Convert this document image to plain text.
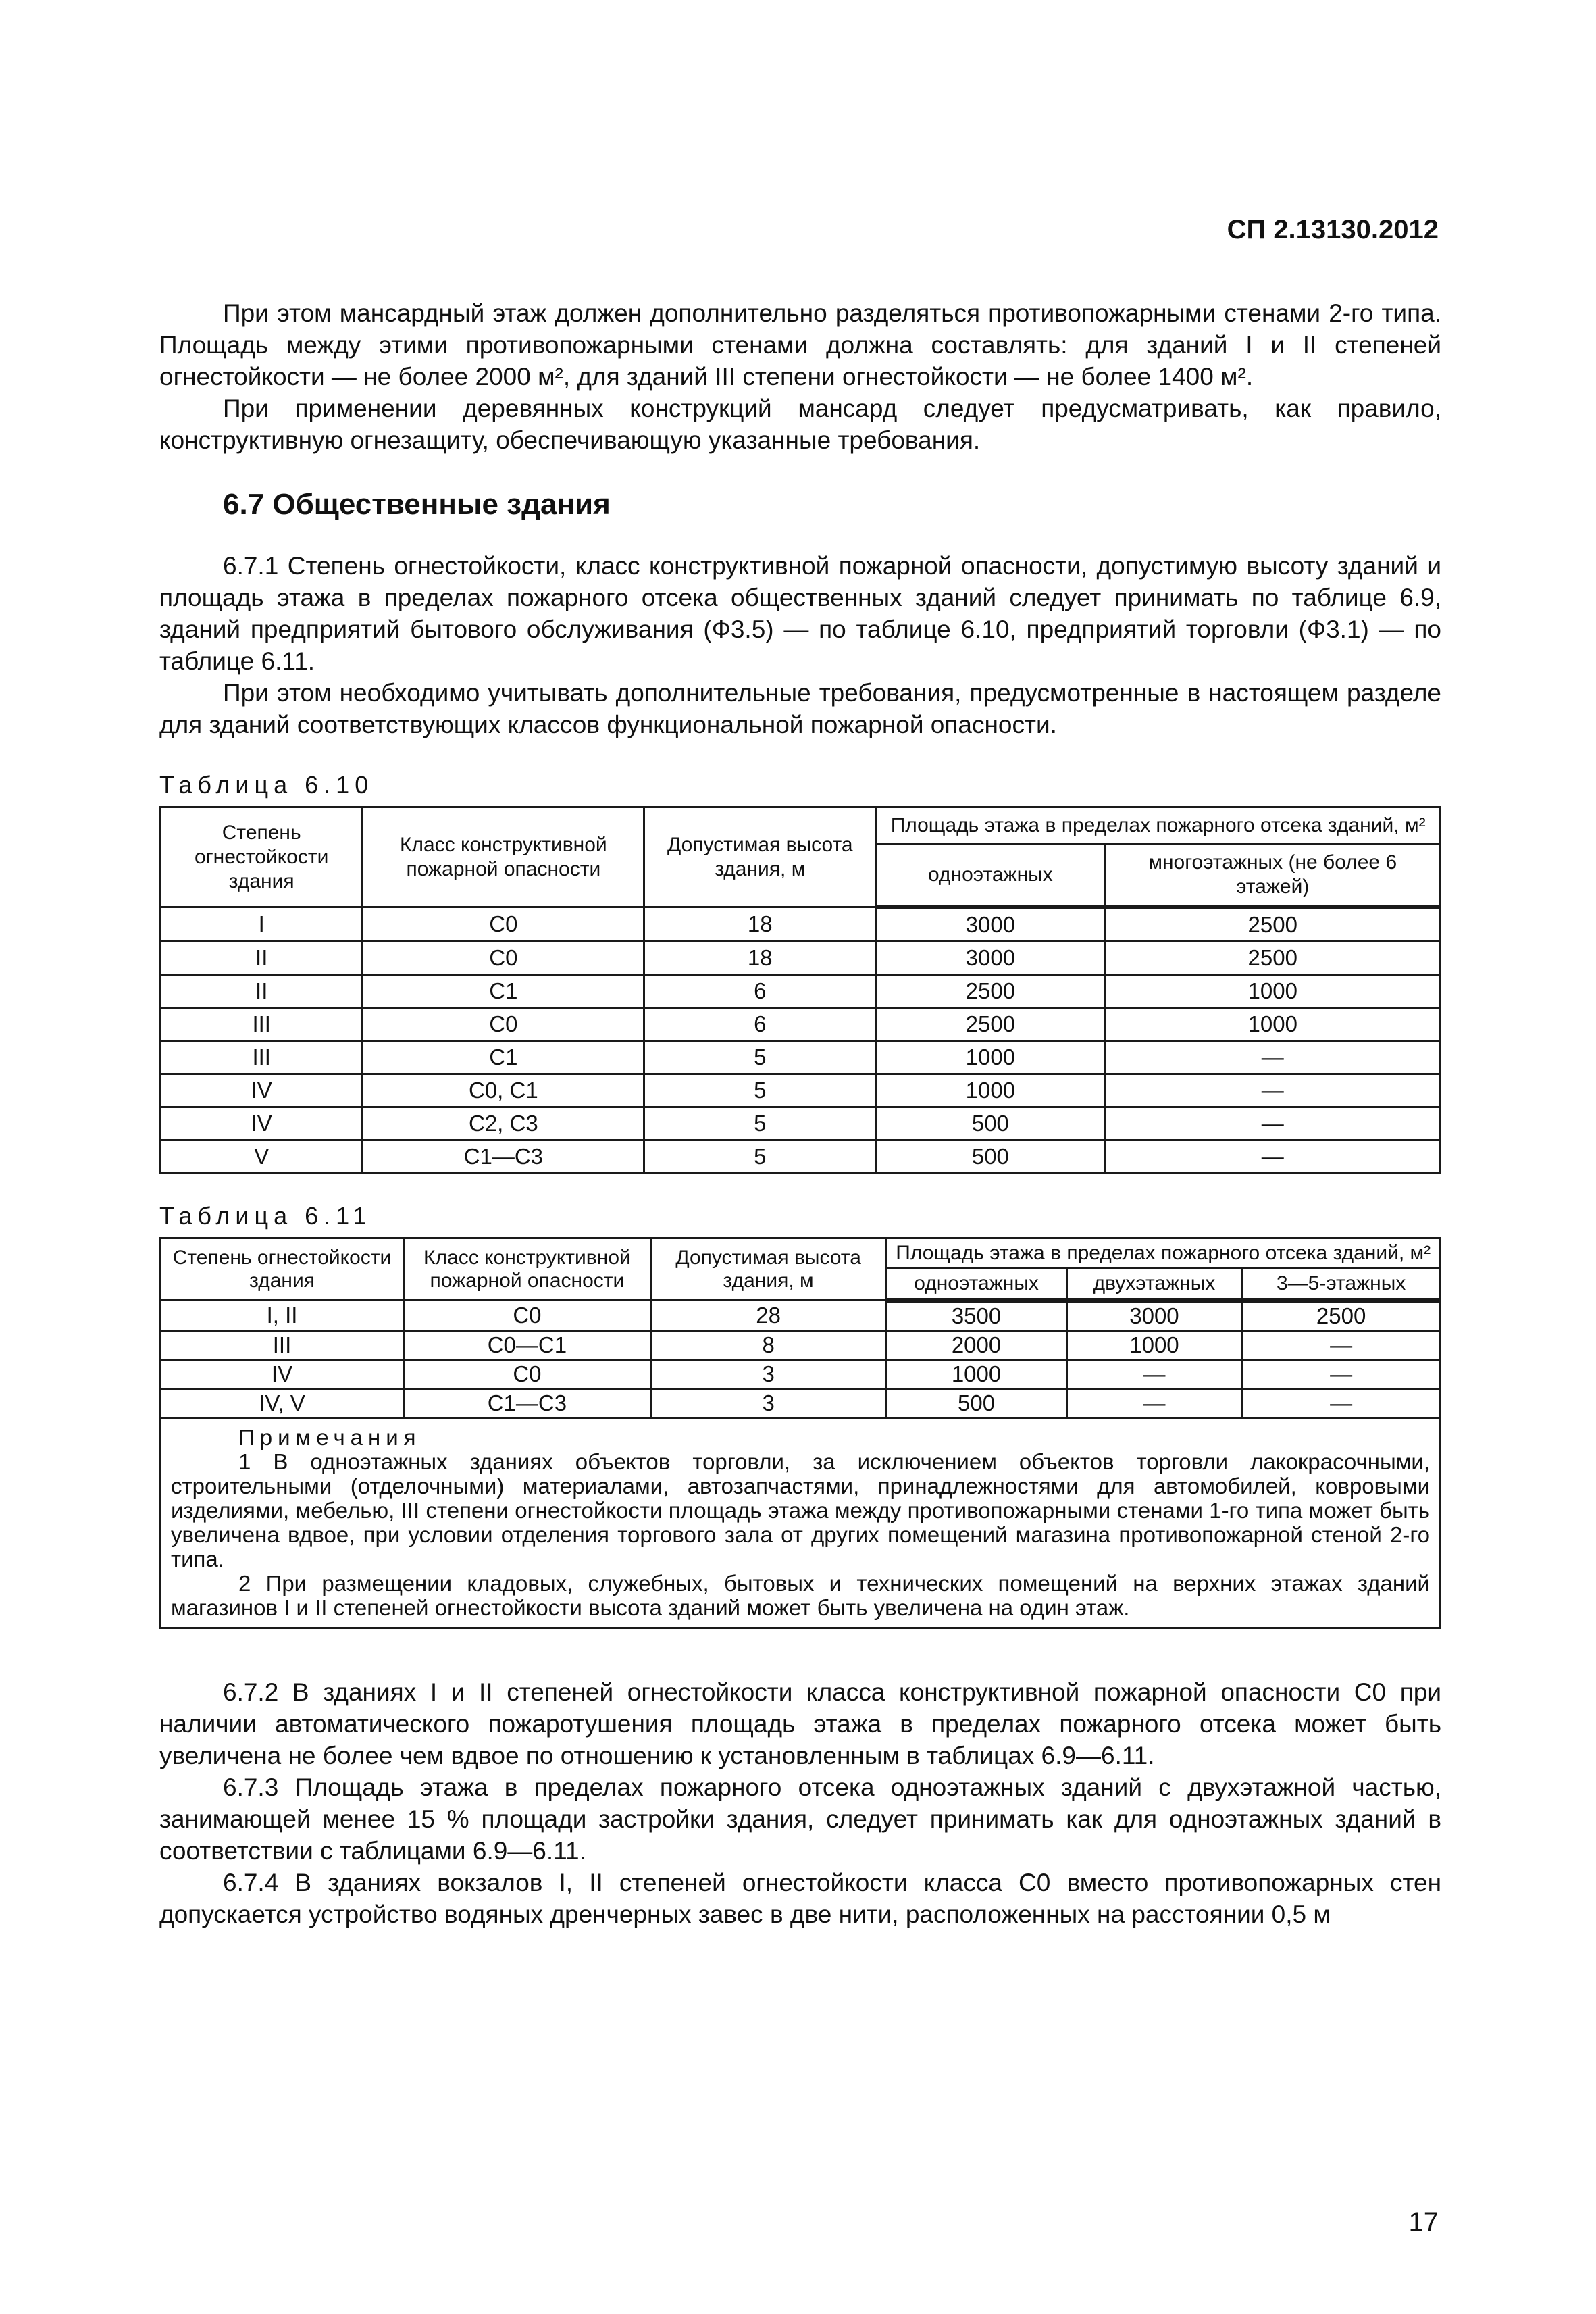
СП 2.13130.2012

При этом мансардный этаж должен дополнительно разделяться противопожарными стенами 2-го типа. Площадь между этими противопожарными стенами должна составлять: для зданий I и II степеней огнестойкости — не более 2000 м², для зданий III степени огнестойкости — не более 1400 м².

При применении деревянных конструкций мансард следует предусматривать, как правило, конструктивную огнезащиту, обеспечивающую указанные требования.

6.7 Общественные здания

6.7.1 Степень огнестойкости, класс конструктивной пожарной опасности, допустимую высоту зданий и площадь этажа в пределах пожарного отсека общественных зданий следует принимать по таблице 6.9, зданий предприятий бытового обслуживания (Ф3.5) — по таблице 6.10, предприятий торговли (Ф3.1) — по таблице 6.11.

При этом необходимо учитывать дополнительные требования, предусмотренные в настоящем разделе для зданий соответствующих классов функциональной пожарной опасности.

Таблица 6.10
Степень огнестойкости здания	Класс конструктивной пожарной опасности	Допустимая высота здания, м	Площадь этажа в пределах пожарного отсека зданий, м²	
			одноэтажных	многоэтажных (не более 6 этажей)
I	С0	18	3000	2500
II	С0	18	3000	2500
II	С1	6	2500	1000
III	С0	6	2500	1000
III	С1	5	1000	—
IV	С0, С1	5	1000	—
IV	С2, С3	5	500	—
V	С1—С3	5	500	—
Таблица 6.11
Степень огнестойкости здания	Класс конструктивной пожарной опасности	Допустимая высота здания, м	Площадь этажа в пределах пожарного отсека зданий, м²		
			одноэтажных	двухэтажных	3—5-этажных
I, II	С0	28	3500	3000	2500
III	С0—С1	8	2000	1000	—
IV	С0	3	1000	—	—
IV, V	С1—С3	3	500	—	—

Примечания

1 В одноэтажных зданиях объектов торговли, за исключением объектов торговли лакокрасочными, строительными (отделочными) материалами, автозапчастями, принадлежностями для автомобилей, ковровыми изделиями, мебелью, III степени огнестойкости площадь этажа между противопожарными стенами 1-го типа может быть увеличена вдвое, при условии отделения торгового зала от других помещений магазина противопожарной стеной 2-го типа.

2 При размещении кладовых, служебных, бытовых и технических помещений на верхних этажах зданий магазинов I и II степеней огнестойкости высота зданий может быть увеличена на один этаж.					

6.7.2 В зданиях I и II степеней огнестойкости класса конструктивной пожарной опасности С0 при наличии автоматического пожаротушения площадь этажа в пределах пожарного отсека может быть увеличена не более чем вдвое по отношению к установленным в таблицах 6.9—6.11.

6.7.3 Площадь этажа в пределах пожарного отсека одноэтажных зданий с двухэтажной частью, занимающей менее 15 % площади застройки здания, следует принимать как для одноэтажных зданий в соответствии с таблицами 6.9—6.11.

6.7.4 В зданиях вокзалов I, II степеней огнестойкости класса С0 вместо противопожарных стен допускается устройство водяных дренчерных завес в две нити, расположенных на расстоянии 0,5 м

17
